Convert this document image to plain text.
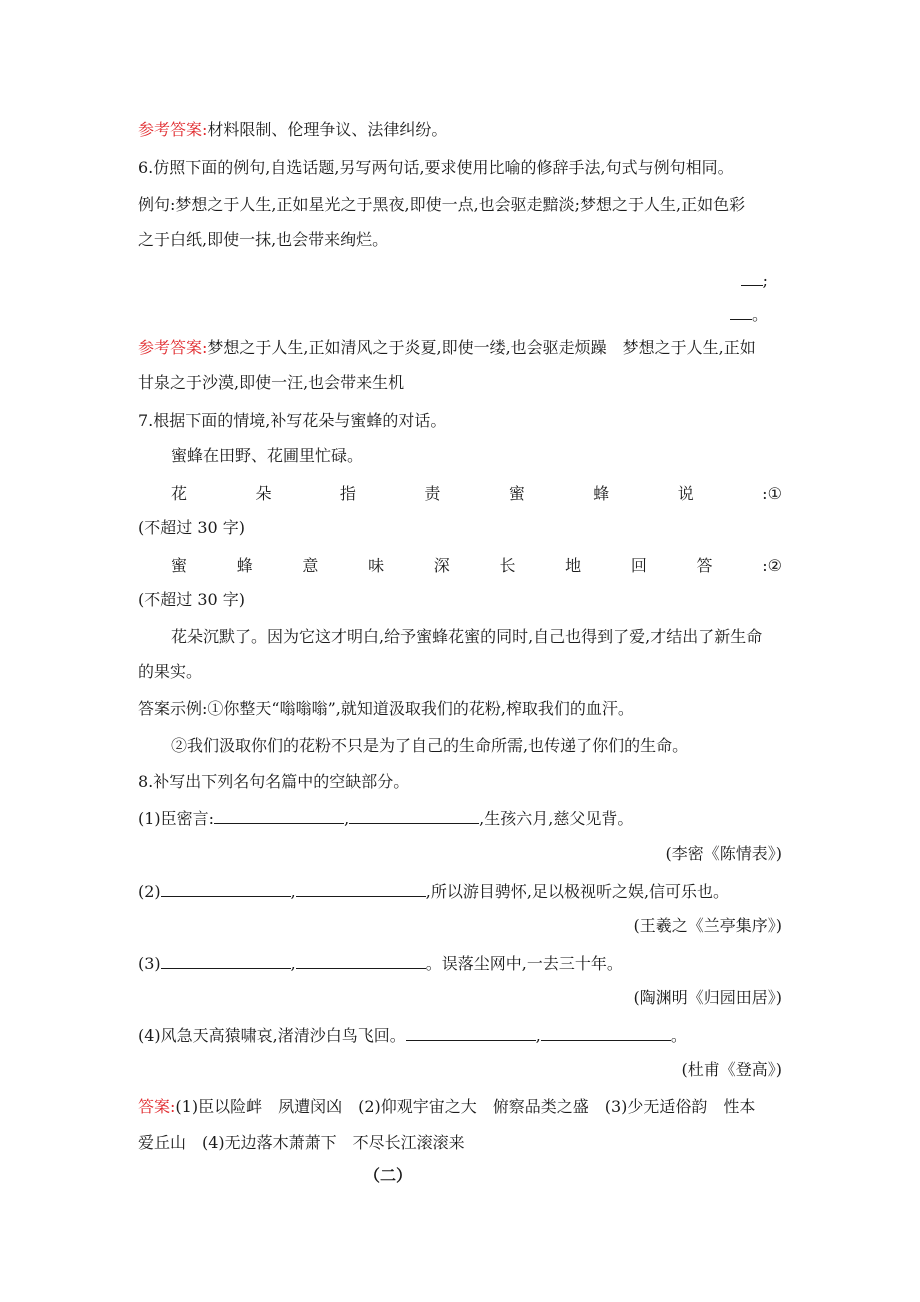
参考答案:材料限制、伦理争议、法律纠纷。
6.仿照下面的例句,自选话题,另写两句话,要求使用比喻的修辞手法,句式与例句相同。
例句:梦想之于人生,正如星光之于黑夜,即使一点,也会驱走黯淡;梦想之于人生,正如色彩
之于白纸,即使一抹,也会带来绚烂。
;
。
参考答案:梦想之于人生,正如清风之于炎夏,即使一缕,也会驱走烦躁　梦想之于人生,正如
甘泉之于沙漠,即使一汪,也会带来生机
7.根据下面的情境,补写花朵与蜜蜂的对话。
蜜蜂在田野、花圃里忙碌。
花	朵	指	责	蜜	蜂	说	:①
(不超过 30 字)
蜜	蜂	意	味	深	长	地	回	答	:②
(不超过 30 字)
花朵沉默了。因为它这才明白,给予蜜蜂花蜜的同时,自己也得到了爱,才结出了新生命
的果实。
答案示例:①你整天“嗡嗡嗡”,就知道汲取我们的花粉,榨取我们的血汗。
②我们汲取你们的花粉不只是为了自己的生命所需,也传递了你们的生命。
8.补写出下列名句名篇中的空缺部分。
(1)臣密言:	,	,生孩六月,慈父见背。
(李密《陈情表》)
(2)	,	,所以游目骋怀,足以极视听之娱,信可乐也。
(王羲之《兰亭集序》)
(3)	,	。误落尘网中,一去三十年。
(陶渊明《归园田居》)
(4)风急天高猿啸哀,渚清沙白鸟飞回。	,	。
(杜甫《登高》)
答案:(1)臣以险衅　夙遭闵凶　(2)仰观宇宙之大　俯察品类之盛　(3)少无适俗韵　性本
爱丘山　(4)无边落木萧萧下　不尽长江滚滚来
（二）
